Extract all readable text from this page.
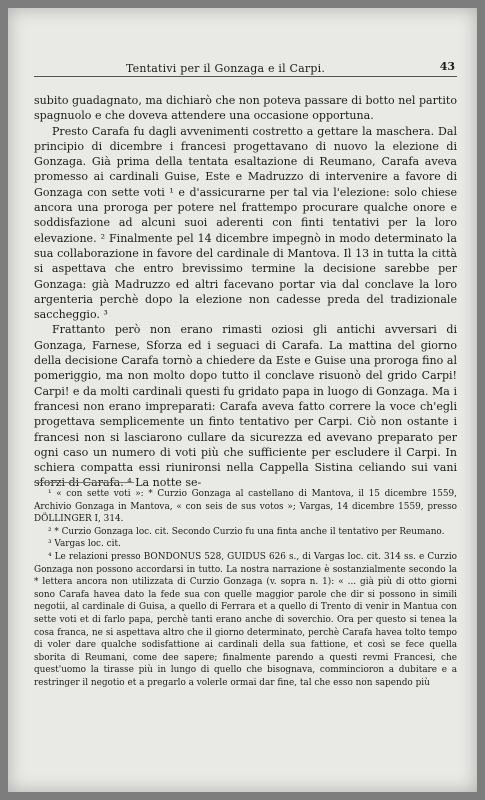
Tentativi per il Gonzaga e il Carpi.	43

subito guadagnato, ma dichiarò che non poteva passare di botto nel partito spagnuolo e che doveva attendere una occasione opportuna.

Presto Carafa fu dagli avvenimenti costretto a gettare la maschera. Dal principio di dicembre i francesi progettavano di nuovo la elezione di Gonzaga. Già prima della tentata esaltazione di Reumano, Carafa aveva promesso ai cardinali Guise, Este e Madruzzo di intervenire a favore di Gonzaga con sette voti ¹ e d'assicurarne per tal via l'elezione: solo chiese ancora una proroga per potere nel frattempo procurare qualche onore e soddisfazione ad alcuni suoi aderenti con finti tentativi per la loro elevazione. ² Finalmente pel 14 dicembre impegnò in modo determinato la sua collaborazione in favore del cardinale di Mantova. Il 13 in tutta la città si aspettava che entro brevissimo termine la decisione sarebbe per Gonzaga: già Madruzzo ed altri facevano portar via dal conclave la loro argenteria perchè dopo la elezione non cadesse preda del tradizionale saccheggio. ³

Frattanto però non erano rimasti oziosi gli antichi avversari di Gonzaga, Farnese, Sforza ed i seguaci di Carafa. La mattina del giorno della decisione Carafa tornò a chiedere da Este e Guise una proroga fino al pomeriggio, ma non molto dopo tutto il conclave risuonò del grido Carpi! Carpi! e da molti cardinali questi fu gridato papa in luogo di Gonzaga. Ma i francesi non erano impreparati: Carafa aveva fatto correre la voce ch'egli progettava semplicemente un finto tentativo per Carpi. Ciò non ostante i francesi non si lasciarono cullare da sicurezza ed avevano preparato per ogni caso un numero di voti più che sufficiente per escludere il Carpi. In schiera compatta essi riunironsi nella Cappella Sistina celiando sui vani sforzi di Carafa. ⁴ La notte se-

¹ « con sette voti »: * Curzio Gonzaga al castellano di Mantova, il 15 dicembre 1559, Archivio Gonzaga in Mantova, « con seis de sus votos »; Vargas, 14 dicembre 1559, presso DÖLLINGER I, 314.

² * Curzio Gonzaga loc. cit. Secondo Curzio fu una finta anche il tentativo per Reumano.

³ Vargas loc. cit.

⁴ Le relazioni presso BONDONUS 528, GUIDUS 626 s., di Vargas loc. cit. 314 ss. e Curzio Gonzaga non possono accordarsi in tutto. La nostra narrazione è sostanzialmente secondo la * lettera ancora non utilizzata di Curzio Gonzaga (v. sopra n. 1): « ... già più di otto giorni sono Carafa havea dato la fede sua con quelle maggior parole che dir si possono in simili negotii, al cardinale di Guisa, a quello di Ferrara et a quello di Trento di venir in Mantua con sette voti et di farlo papa, perchè tanti erano anche di soverchio. Ora per questo si tenea la cosa franca, ne si aspettava altro che il giorno determinato, perchè Carafa havea tolto tempo di voler dare qualche sodisfattione ai cardinali della sua fattione, et così se fece quella sborita di Reumani, come dee sapere; finalmente parendo a questi revmi Francesi, che quest'uomo la tirasse più in lungo di quello che bisognava, commincioron a dubitare e a restringer il negotio et a pregarlo a volerle ormai dar fine, tal che esso non sapendo più
